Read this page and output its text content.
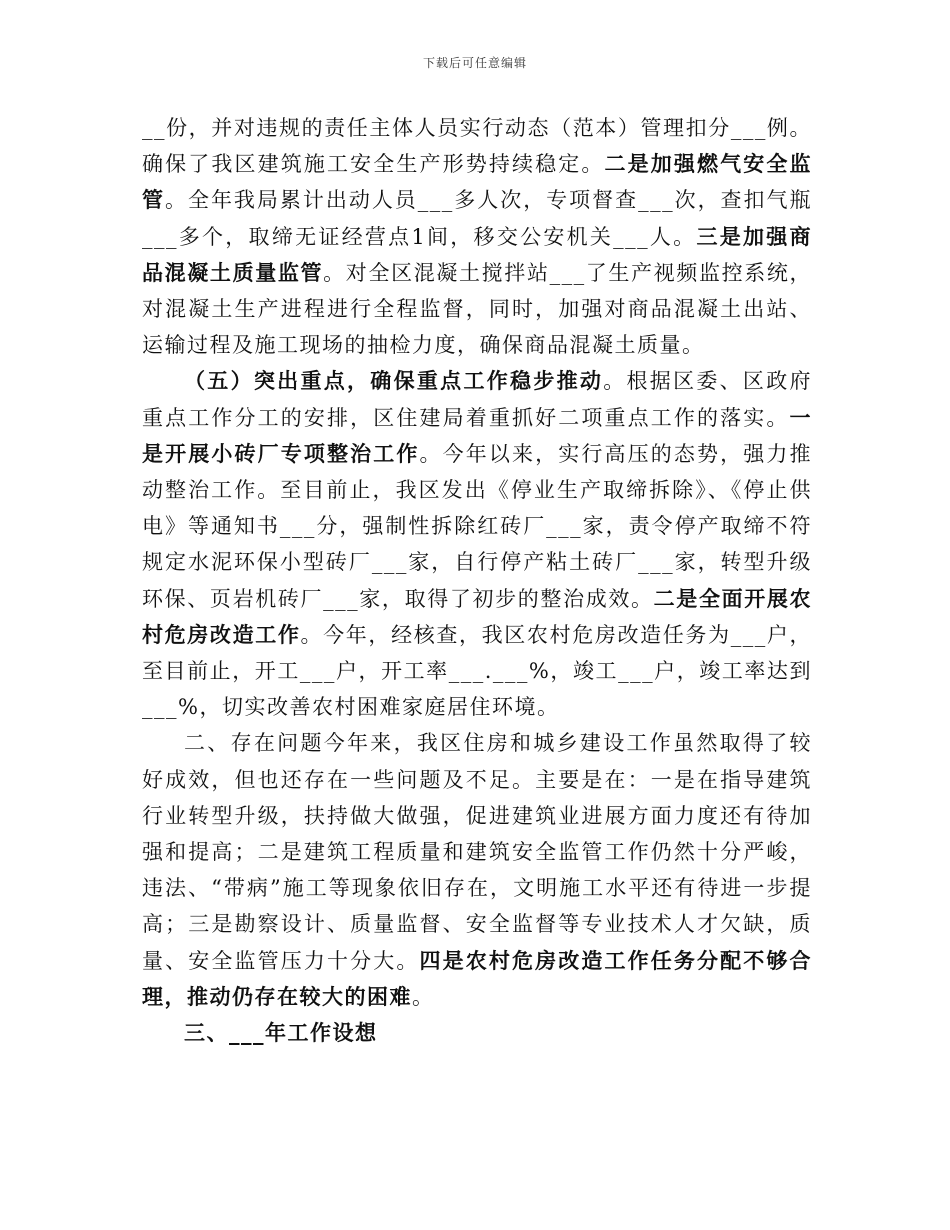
下载后可任意编辑

__份，并对违规的责任主体人员实行动态（范本）管理扣分___例。确保了我区建筑施工安全生产形势持续稳定。二是加强燃气安全监管。全年我局累计出动人员___多人次，专项督查___次，查扣气瓶___多个，取缔无证经营点1间，移交公安机关___人。三是加强商品混凝土质量监管。对全区混凝土搅拌站___了生产视频监控系统，对混凝土生产进程进行全程监督，同时，加强对商品混凝土出站、运输过程及施工现场的抽检力度，确保商品混凝土质量。

（五）突出重点，确保重点工作稳步推动。根据区委、区政府重点工作分工的安排，区住建局着重抓好二项重点工作的落实。一是开展小砖厂专项整治工作。今年以来，实行高压的态势，强力推动整治工作。至目前止，我区发出《停业生产取缔拆除》、《停止供电》等通知书___分，强制性拆除红砖厂___家，责令停产取缔不符规定水泥环保小型砖厂___家，自行停产粘土砖厂___家，转型升级环保、页岩机砖厂___家，取得了初步的整治成效。二是全面开展农村危房改造工作。今年，经核查，我区农村危房改造任务为___户，至目前止，开工___户，开工率___.___%，竣工___户，竣工率达到___%，切实改善农村困难家庭居住环境。

二、存在问题今年来，我区住房和城乡建设工作虽然取得了较好成效，但也还存在一些问题及不足。主要是在：一是在指导建筑行业转型升级，扶持做大做强，促进建筑业进展方面力度还有待加强和提高；二是建筑工程质量和建筑安全监管工作仍然十分严峻，违法、“带病”施工等现象依旧存在，文明施工水平还有待进一步提高；三是勘察设计、质量监督、安全监督等专业技术人才欠缺，质量、安全监管压力十分大。四是农村危房改造工作任务分配不够合理，推动仍存在较大的困难。

三、___年工作设想
